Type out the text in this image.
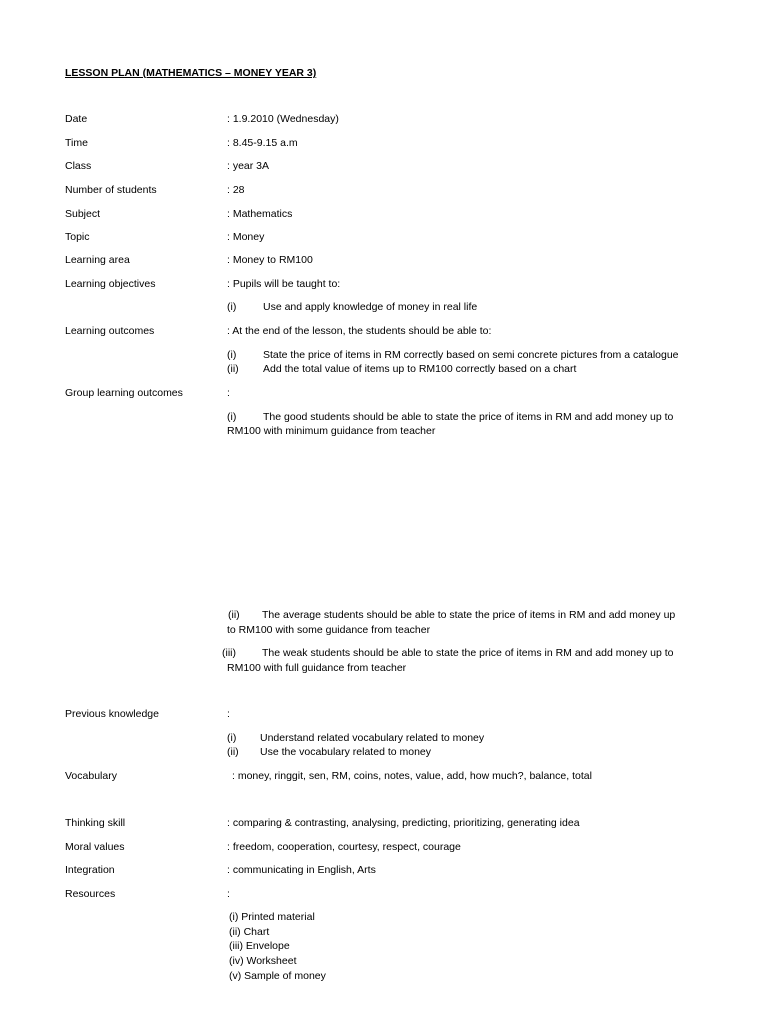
LESSON PLAN (MATHEMATICS – MONEY YEAR 3)
Date	: 1.9.2010 (Wednesday)
Time	: 8.45-9.15 a.m
Class	: year 3A
Number of students	: 28
Subject	: Mathematics
Topic	: Money
Learning area	: Money to RM100
Learning objectives	: Pupils will be taught to:
(i)	Use and apply knowledge of money in real life
Learning outcomes	: At the end of the lesson, the students should be able to:
(i)	State the price of items in RM correctly based on semi concrete pictures from a catalogue
(ii) Add the total value of items up to RM100 correctly based on a chart
Group learning outcomes	:
(i)	The good students should be able to state the price of items in RM and add money up to
RM100 with minimum guidance from teacher
(ii) The average students should be able to state the price of items in RM and add money up
to RM100 with some guidance from teacher
(iii) The weak students should be able to state the price of items in RM and add money up to
RM100 with full guidance from teacher
Previous knowledge	:
(i) Understand related vocabulary related to money
(ii) Use the vocabulary related to money
Vocabulary	: money, ringgit, sen, RM, coins, notes, value, add, how much?, balance, total
Thinking skill	: comparing & contrasting, analysing, predicting, prioritizing, generating idea
Moral values	: freedom, cooperation, courtesy, respect, courage
Integration	: communicating in English, Arts
Resources	:
(i) Printed material
(ii) Chart
(iii) Envelope
(iv) Worksheet
(v) Sample of money
